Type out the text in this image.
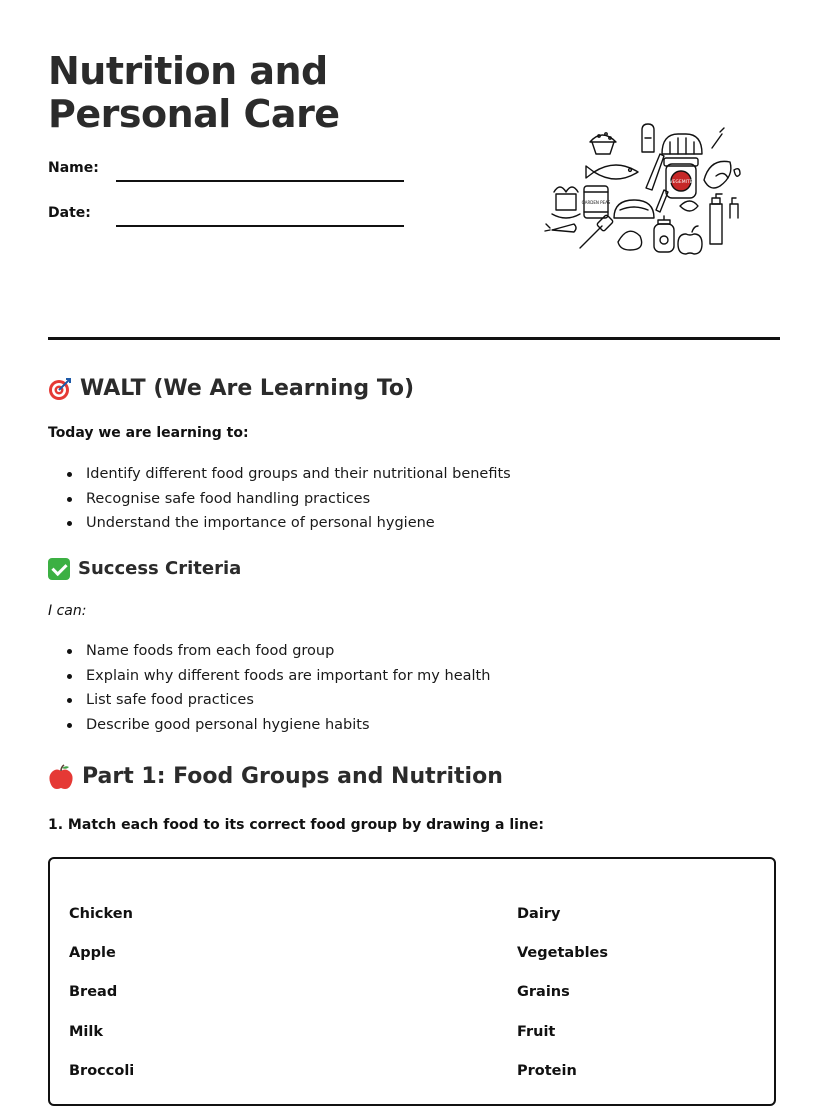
Nutrition and Personal Care
Name:
Date:
VEGEMITE
GARDEN PEAS
WALT (We Are Learning To)

Today we are learning to:

Identify different food groups and their nutritional benefits
Recognise safe food handling practices
Understand the importance of personal hygiene
Success Criteria

I can:

Name foods from each food group
Explain why different foods are important for my health
List safe food practices
Describe good personal hygiene habits
Part 1: Food Groups and Nutrition

1. Match each food to its correct food group by drawing a line:

Chicken
Apple
Bread
Milk
Broccoli
Dairy
Vegetables
Grains
Fruit
Protein
